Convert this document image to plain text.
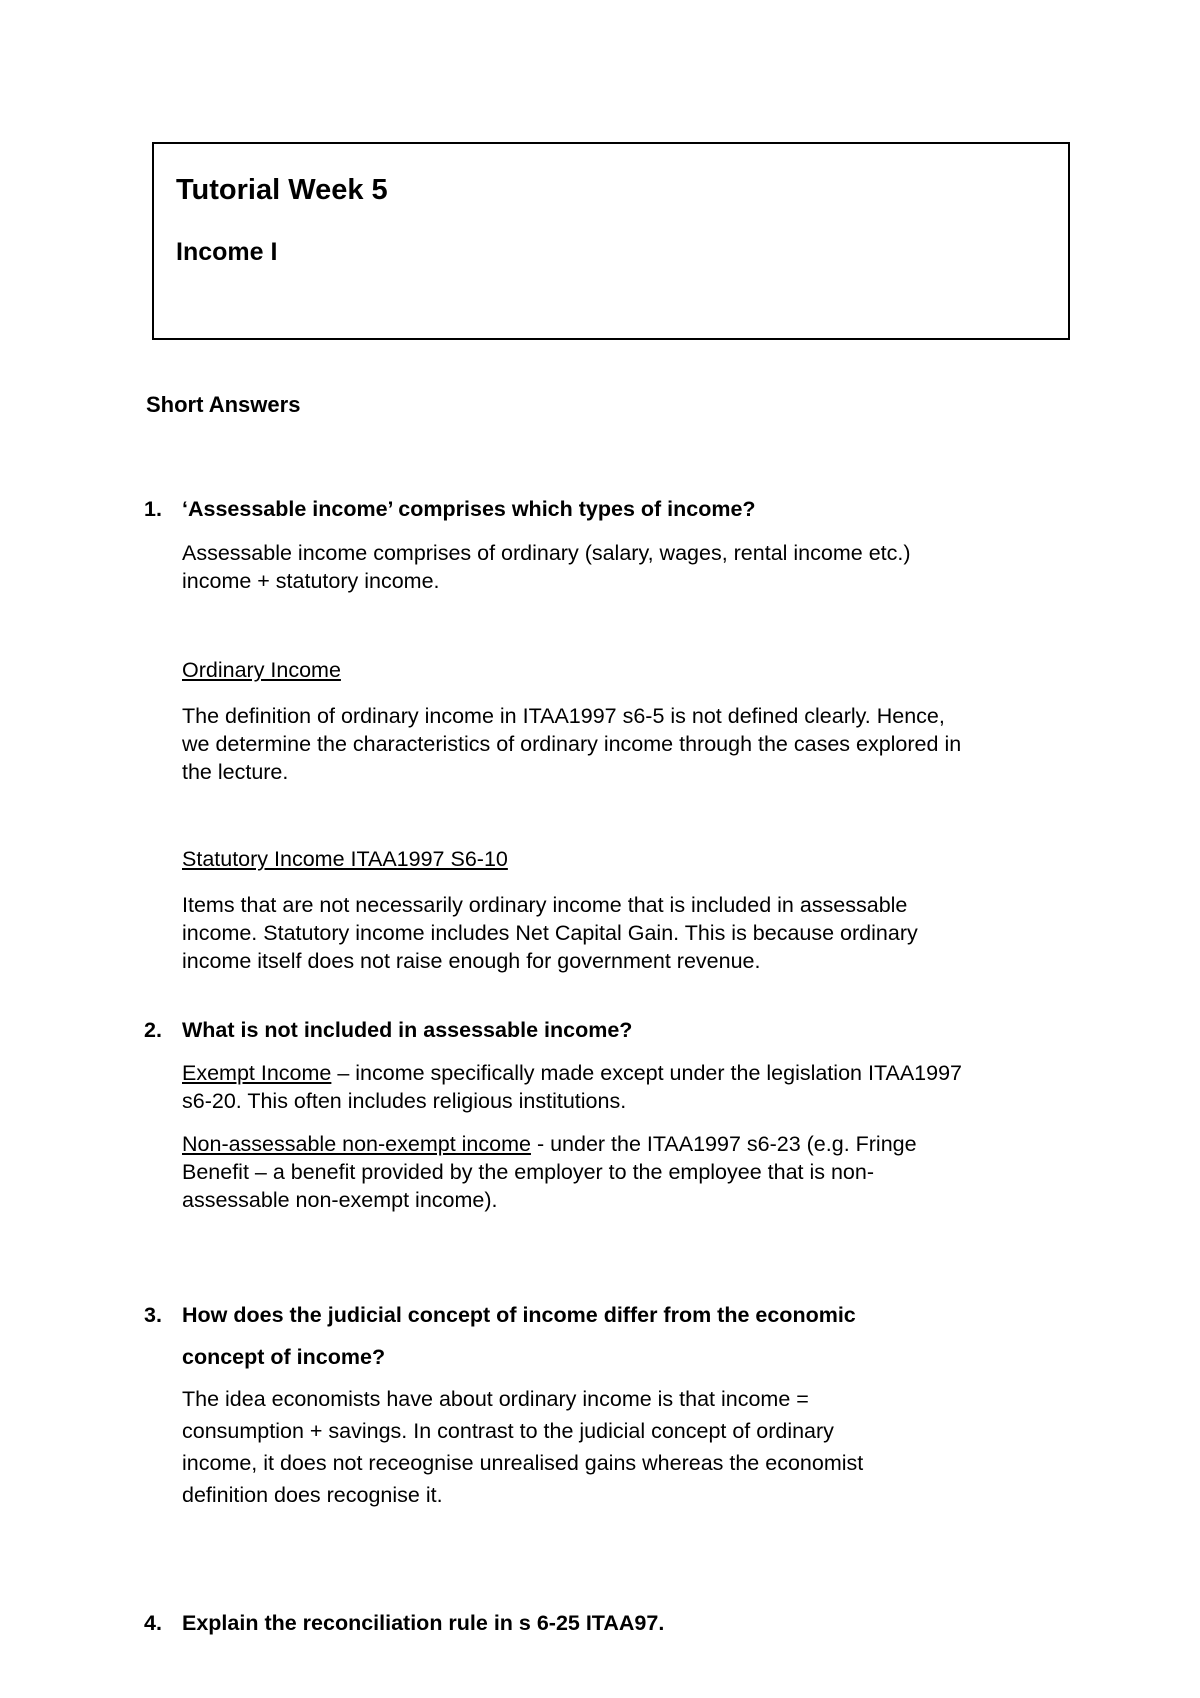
Tutorial Week 5
Income I
Short Answers
1. ‘Assessable income’ comprises which types of income?
Assessable income comprises of ordinary (salary, wages, rental income etc.)
income + statutory income.
Ordinary Income
The definition of ordinary income in ITAA1997 s6-5 is not defined clearly. Hence,
we determine the characteristics of ordinary income through the cases explored in
the lecture.
Statutory Income ITAA1997 S6-10
Items that are not necessarily ordinary income that is included in assessable
income. Statutory income includes Net Capital Gain. This is because ordinary
income itself does not raise enough for government revenue.
2. What is not included in assessable income?
Exempt Income – income specifically made except under the legislation ITAA1997
s6-20. This often includes religious institutions.
Non-assessable non-exempt income - under the ITAA1997 s6-23 (e.g. Fringe
Benefit – a benefit provided by the employer to the employee that is non-
assessable non-exempt income).
3. How does the judicial concept of income differ from the economic
concept of income?
The idea economists have about ordinary income is that income =
consumption + savings. In contrast to the judicial concept of ordinary
income, it does not receognise unrealised gains whereas the economist
definition does recognise it.
4. Explain the reconciliation rule in s 6-25 ITAA97.
